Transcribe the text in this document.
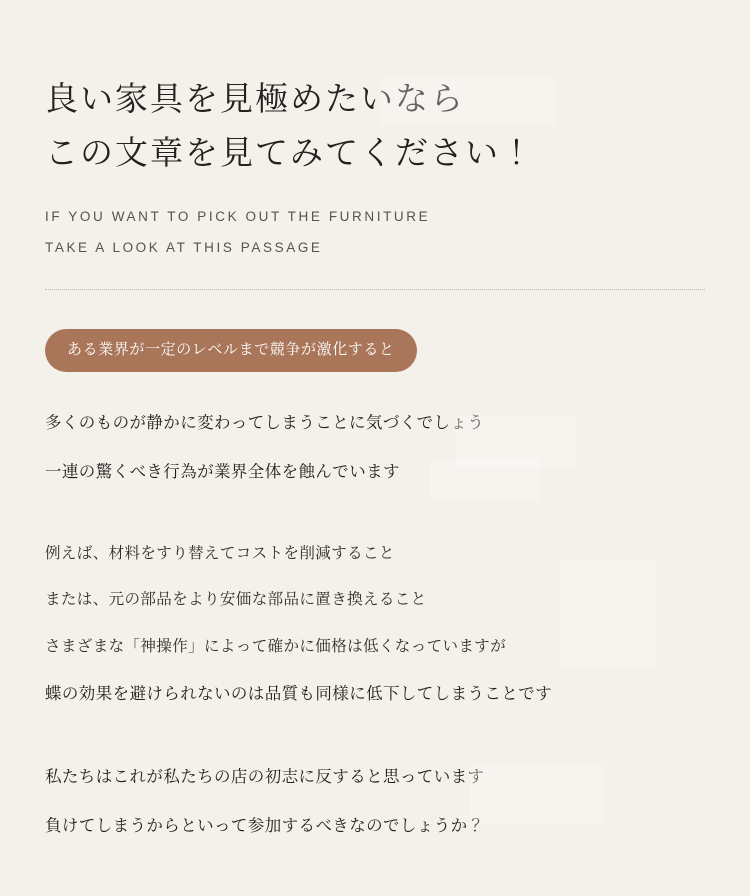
良い家具を見極めたいなら
この文章を見てみてください！
IF YOU WANT TO PICK OUT THE FURNITURE
TAKE A LOOK AT THIS PASSAGE
ある業界が一定のレベルまで競争が激化すると

多くのものが静かに変わってしまうことに気づくでしょう

一連の驚くべき行為が業界全体を蝕んでいます

例えば、材料をすり替えてコストを削減すること

または、元の部品をより安価な部品に置き換えること

さまざまな「神操作」によって確かに価格は低くなっていますが

蝶の効果を避けられないのは品質も同様に低下してしまうことです

私たちはこれが私たちの店の初志に反すると思っています

負けてしまうからといって参加するべきなのでしょうか？
